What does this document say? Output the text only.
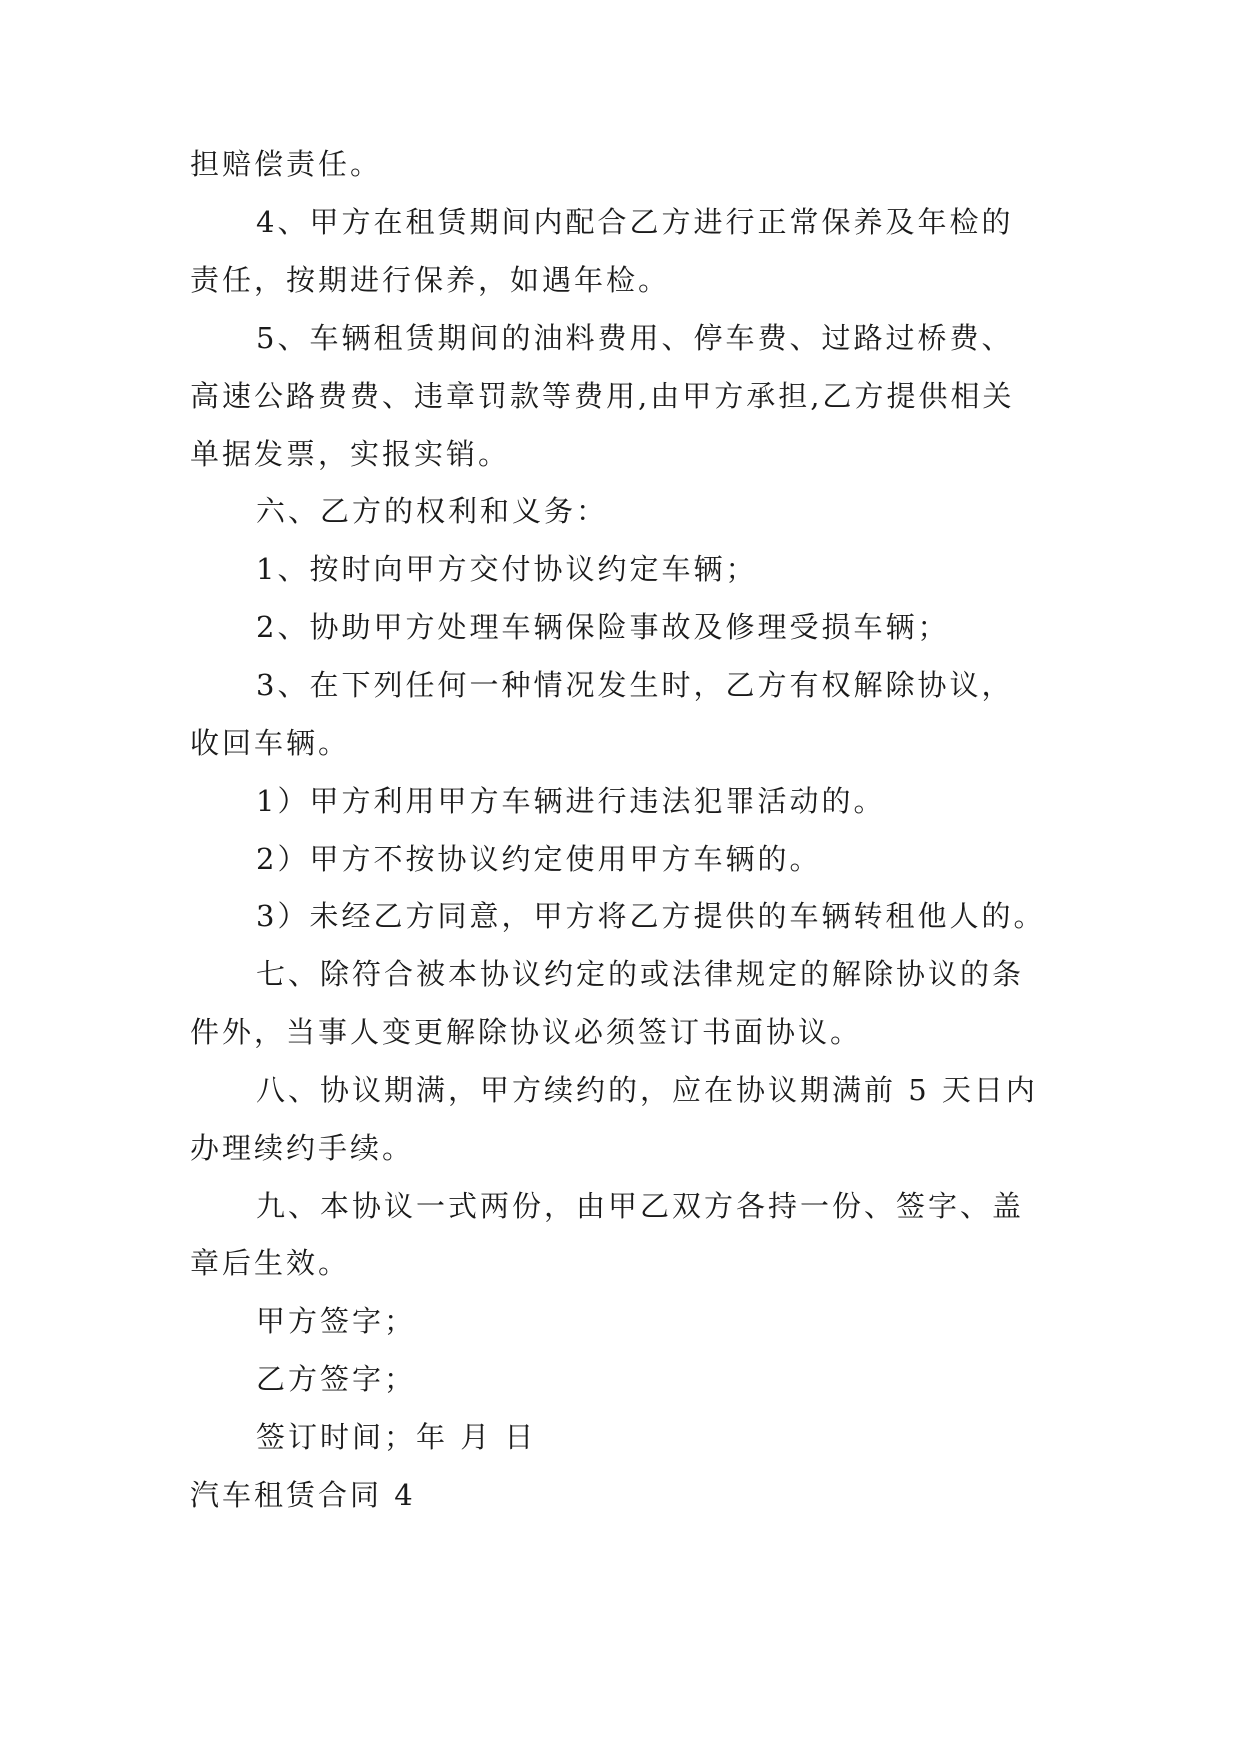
担赔偿责任。
4、甲方在租赁期间内配合乙方进行正常保养及年检的
责任，按期进行保养，如遇年检。
5、车辆租赁期间的油料费用、停车费、过路过桥费、
高速公路费费、违章罚款等费用,由甲方承担,乙方提供相关
单据发票，实报实销。
六、乙方的权利和义务：
1、按时向甲方交付协议约定车辆；
2、协助甲方处理车辆保险事故及修理受损车辆；
3、在下列任何一种情况发生时，乙方有权解除协议，
收回车辆。
1）甲方利用甲方车辆进行违法犯罪活动的。
2）甲方不按协议约定使用甲方车辆的。
3）未经乙方同意，甲方将乙方提供的车辆转租他人的。
七、除符合被本协议约定的或法律规定的解除协议的条
件外，当事人变更解除协议必须签订书面协议。
八、协议期满，甲方续约的，应在协议期满前 5 天日内
办理续约手续。
九、本协议一式两份，由甲乙双方各持一份、签字、盖
章后生效。
甲方签字；
乙方签字；
签订时间；年 月 日
汽车租赁合同 4
